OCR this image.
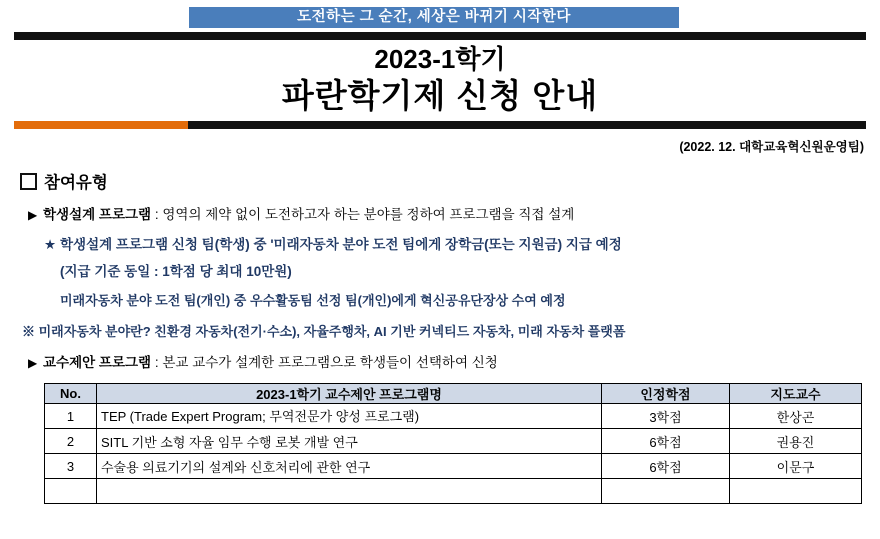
도전하는 그 순간, 세상은 바뀌기 시작한다
2023-1학기
파란학기제 신청 안내
(2022. 12. 대학교육혁신원운영팀)
참여유형
▶ 학생설계 프로그램 : 영역의 제약 없이 도전하고자 하는 분야를 정하여 프로그램을 직접 설계
★ 학생설계 프로그램 신청 팀(학생) 중 '미래자동차 분야 도전 팀에게 장학금(또는 지원금) 지급 예정
(지급 기준 동일 : 1학점 당 최대 10만원)
미래자동차 분야 도전 팀(개인) 중 우수활동팀 선정 팀(개인)에게 혁신공유단장상 수여 예정
※ 미래자동차 분야란? 친환경 자동차(전기·수소), 자율주행차, AI 기반 커넥티드 자동차, 미래 자동차 플랫폼
▶ 교수제안 프로그램 : 본교 교수가 설계한 프로그램으로 학생들이 선택하여 신청
No.	2023-1학기 교수제안 프로그램명	인정학점	지도교수
1	TEP (Trade Expert Program; 무역전문가 양성 프로그램)	3학점	한상곤
2	SITL 기반 소형 자율 임무 수행 로봇 개발 연구	6학점	권용진
3	수술용 의료기기의 설계와 신호처리에 관한 연구	6학점	이문구
